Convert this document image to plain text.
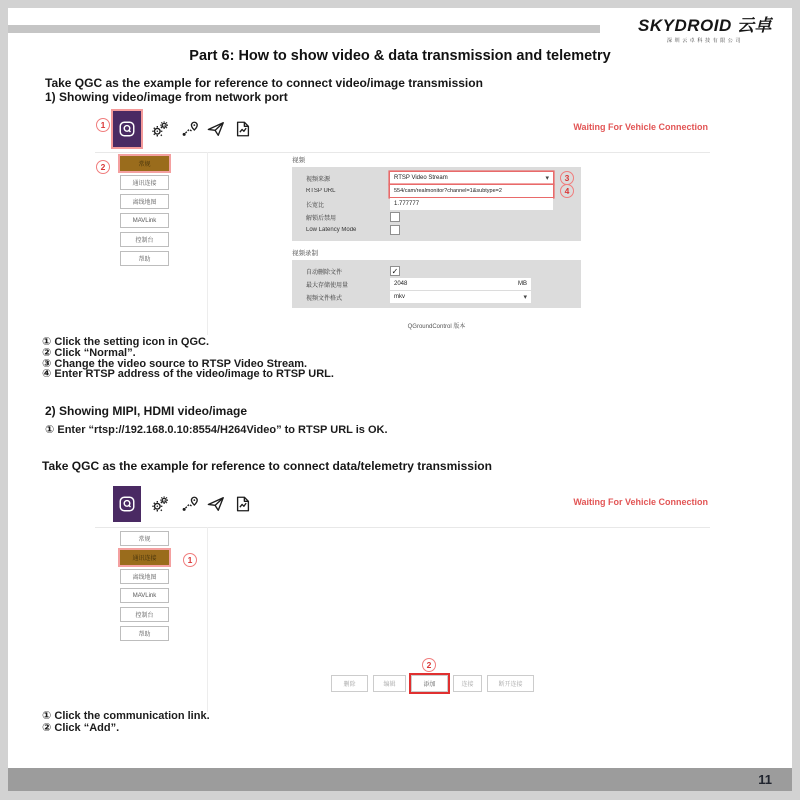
SKYDROID 云卓
深圳云卓科技有限公司
Part 6: How to show video & data transmission and telemetry
Take QGC as the example for reference to connect video/image transmission
1) Showing video/image from network port
1	Waiting For Vehicle Connection
2	常规
通讯连接
离线地图
MAVLink
控制台
帮助
视频
视频来源	RTSP Video Stream	▾	3
RTSP URL	554/cam/realmonitor?channel=1&subtype=2	4
长宽比	1.777777
解锁后禁用
Low Latency Mode
视频录制
自动删除文件	✓
最大存储使用量	2048	MB
视频文件格式	mkv	▾
QGroundControl 版本
① Click the setting icon in QGC.
② Click “Normal”.
③ Change the video source to RTSP Video Stream.
④ Enter RTSP address of the video/image to RTSP URL.
2) Showing MIPI, HDMI video/image
① Enter “rtsp://192.168.0.10:8554/H264Video” to RTSP URL is OK.
Take QGC as the example for reference to connect data/telemetry transmission
Waiting For Vehicle Connection
常规
通讯连接
离线地图
MAVLink
控制台
帮助
1
2
删除	编辑	添加	连接	断开连接
① Click the communication link.
② Click “Add”.
11
